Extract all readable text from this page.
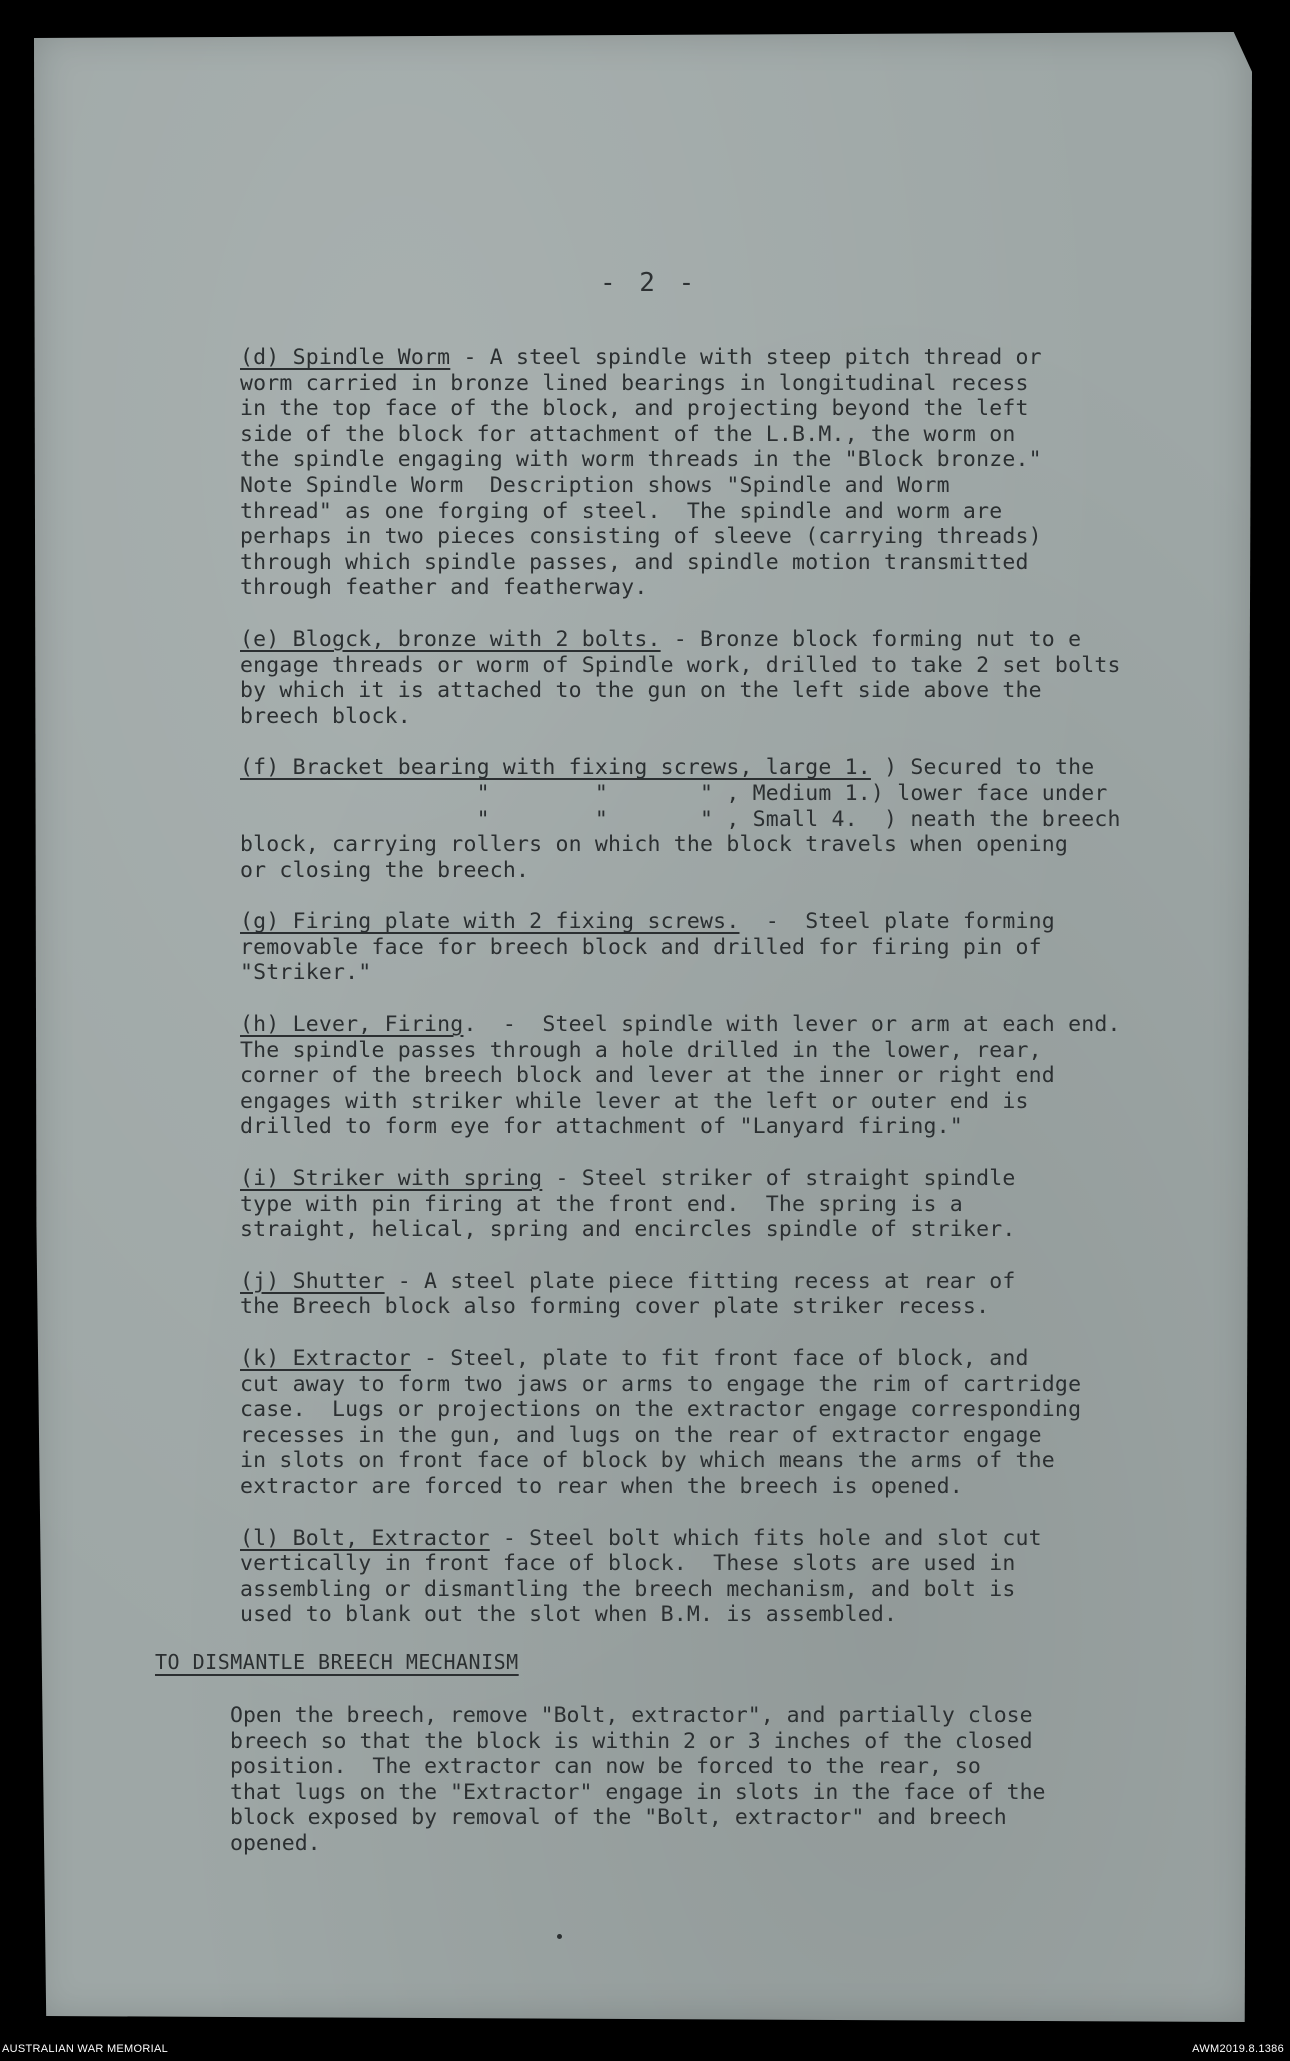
- 2 -
(d) Spindle Worm - A steel spindle with steep pitch thread or
worm carried in bronze lined bearings in longitudinal recess
in the top face of the block, and projecting beyond the left
side of the block for attachment of the L.B.M., the worm on
the spindle engaging with worm threads in the "Block bronze."
Note Spindle Worm  Description shows "Spindle and Worm
thread" as one forging of steel.  The spindle and worm are
perhaps in two pieces consisting of sleeve (carrying threads)
through which spindle passes, and spindle motion transmitted
through feather and featherway.
(e) Blogck, bronze with 2 bolts. - Bronze block forming nut to e
engage threads or worm of Spindle work, drilled to take 2 set bolts
by which it is attached to the gun on the left side above the
breech block.
(f) Bracket bearing with fixing screws, large 1. ) Secured to the
"        "       " , Medium 1.) lower face under
"        "       " , Small 4.  ) neath the breech
block, carrying rollers on which the block travels when opening
or closing the breech.
(g) Firing plate with 2 fixing screws.  -  Steel plate forming
removable face for breech block and drilled for firing pin of
"Striker."
(h) Lever, Firing.  -  Steel spindle with lever or arm at each end.
The spindle passes through a hole drilled in the lower, rear,
corner of the breech block and lever at the inner or right end
engages with striker while lever at the left or outer end is
drilled to form eye for attachment of "Lanyard firing."
(i) Striker with spring - Steel striker of straight spindle
type with pin firing at the front end.  The spring is a
straight, helical, spring and encircles spindle of striker.
(j) Shutter - A steel plate piece fitting recess at rear of
the Breech block also forming cover plate striker recess.
(k) Extractor - Steel, plate to fit front face of block, and
cut away to form two jaws or arms to engage the rim of cartridge
case.  Lugs or projections on the extractor engage corresponding
recesses in the gun, and lugs on the rear of extractor engage
in slots on front face of block by which means the arms of the
extractor are forced to rear when the breech is opened.
(l) Bolt, Extractor - Steel bolt which fits hole and slot cut
vertically in front face of block.  These slots are used in
assembling or dismantling the breech mechanism, and bolt is
used to blank out the slot when B.M. is assembled.
TO DISMANTLE BREECH MECHANISM
Open the breech, remove "Bolt, extractor", and partially close
breech so that the block is within 2 or 3 inches of the closed
position.  The extractor can now be forced to the rear, so
that lugs on the "Extractor" engage in slots in the face of the
block exposed by removal of the "Bolt, extractor" and breech
opened.
AUSTRALIAN WAR MEMORIAL	AWM2019.8.1386
